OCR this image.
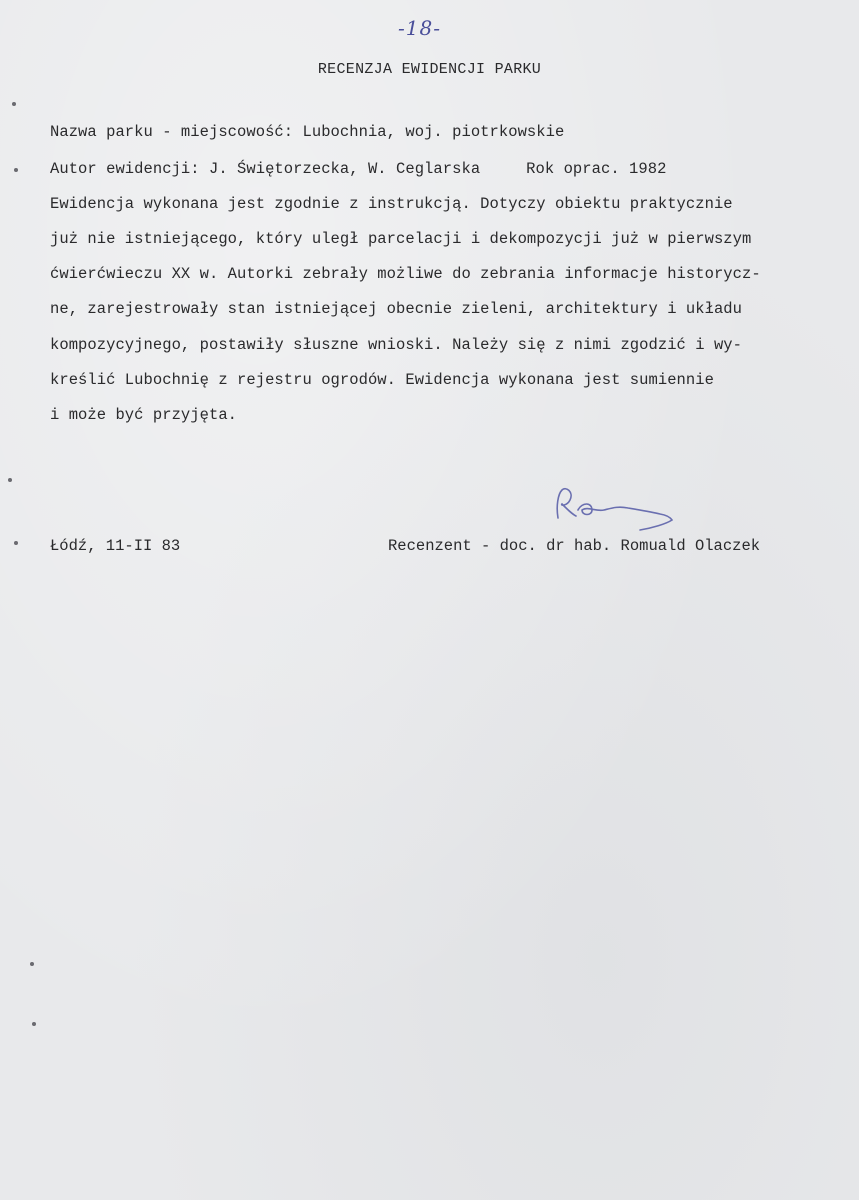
-18-
RECENZJA EWIDENCJI PARKU
Nazwa parku - miejscowość: Lubochnia, woj. piotrkowskie
Autor ewidencji: J. Świętorzecka, W. Ceglarska	Rok oprac. 1982
Ewidencja wykonana jest zgodnie z instrukcją. Dotyczy obiektu praktycznie
już nie istniejącego, który uległ parcelacji i dekompozycji już w pierwszym
ćwierćwieczu XX w. Autorki zebrały możliwe do zebrania informacje historycz-
ne, zarejestrowały stan istniejącej obecnie zieleni, architektury i układu
kompozycyjnego, postawiły słuszne wnioski. Należy się z nimi zgodzić i wy-
kreślić Lubochnię z rejestru ogrodów. Ewidencja wykonana jest sumiennie
i może być przyjęta.
Łódź, 11-II 83	Recenzent - doc. dr hab. Romuald Olaczek
